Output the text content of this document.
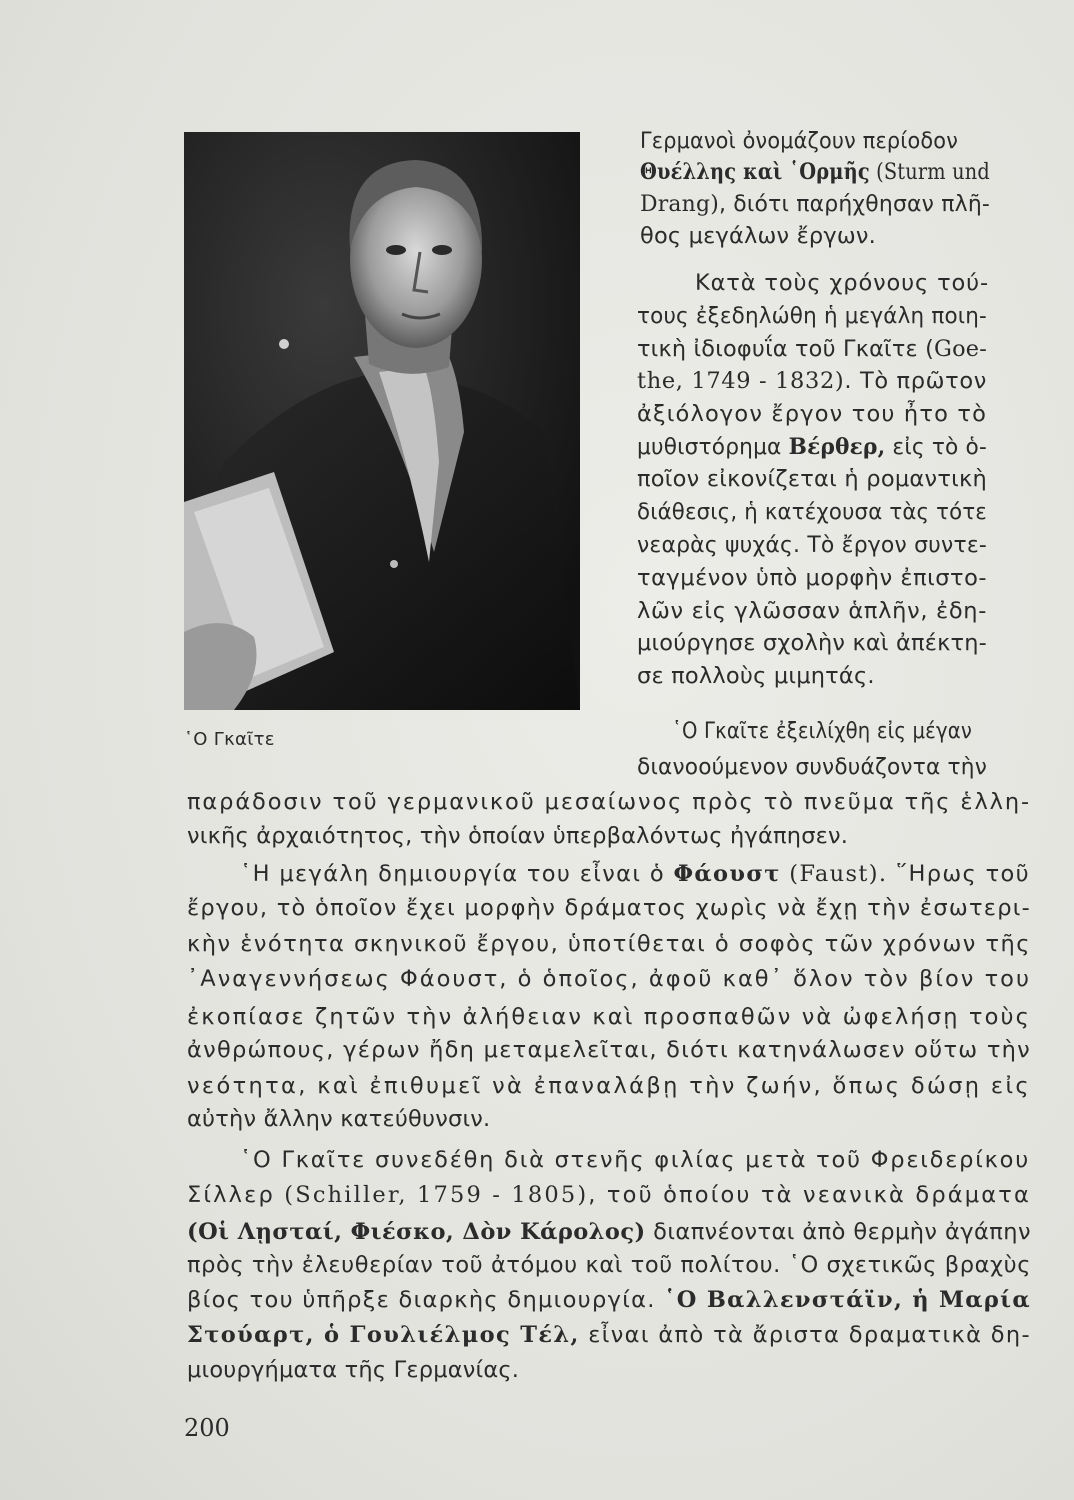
῾Ο Γκαῖτε
Γερμανοὶ ὀνομάζουν περίοδον
Θυέλλης καὶ ῾Ορμῆς (Sturm und
Drang), διότι παρήχθησαν πλῆ-
θος μεγάλων ἔργων.
Κατὰ τοὺς χρόνους τού-
τους ἐξεδηλώθη ἡ μεγάλη ποιη-
τικὴ ἰδιοφυΐα τοῦ Γκαῖτε (Goe-
the, 1749 - 1832). Τὸ πρῶτον
ἀξιόλογον ἔργον του ἦτο τὸ
μυθιστόρημα Βέρθερ, εἰς τὸ ὁ-
ποῖον εἰκονίζεται ἡ ρομαντικὴ
διάθεσις, ἡ κατέχουσα τὰς τότε
νεαρὰς ψυχάς. Τὸ ἔργον συντε-
ταγμένον ὑπὸ μορφὴν ἐπιστο-
λῶν εἰς γλῶσσαν ἁπλῆν, ἐδη-
μιούργησε σχολὴν καὶ ἀπέκτη-
σε πολλοὺς μιμητάς.
῾Ο Γκαῖτε ἐξειλίχθη εἰς μέγαν
διανοούμενον συνδυάζοντα τὴν
παράδοσιν τοῦ γερμανικοῦ μεσαίωνος πρὸς τὸ πνεῦμα τῆς ἑλλη-
νικῆς ἀρχαιότητος, τὴν ὁποίαν ὑπερβαλόντως ἠγάπησεν.
῾Η μεγάλη δημιουργία του εἶναι ὁ Φάουστ (Faust). ῞Ηρως τοῦ
ἔργου, τὸ ὁποῖον ἔχει μορφὴν δράματος χωρὶς νὰ ἔχῃ τὴν ἐσωτερι-
κὴν ἑνότητα σκηνικοῦ ἔργου, ὑποτίθεται ὁ σοφὸς τῶν χρόνων τῆς
᾿Αναγεννήσεως Φάουστ, ὁ ὁποῖος, ἀφοῦ καθ᾿ ὅλον τὸν βίον του
ἐκοπίασε ζητῶν τὴν ἀλήθειαν καὶ προσπαθῶν νὰ ὠφελήσῃ τοὺς
ἀνθρώπους, γέρων ἤδη μεταμελεῖται, διότι κατηνάλωσεν οὕτω τὴν
νεότητα, καὶ ἐπιθυμεῖ νὰ ἐπαναλάβῃ τὴν ζωήν, ὅπως δώσῃ εἰς
αὐτὴν ἄλλην κατεύθυνσιν.
῾Ο Γκαῖτε συνεδέθη διὰ στενῆς φιλίας μετὰ τοῦ Φρειδερίκου
Σίλλερ (Schiller, 1759 - 1805), τοῦ ὁποίου τὰ νεανικὰ δράματα
(Οἱ Λῃσταί, Φιέσκο, Δὸν Κάρολος) διαπνέονται ἀπὸ θερμὴν ἀγάπην
πρὸς τὴν ἐλευθερίαν τοῦ ἀτόμου καὶ τοῦ πολίτου. ῾Ο σχετικῶς βραχὺς
βίος του ὑπῆρξε διαρκὴς δημιουργία. ῾Ο Βαλλενστάϊν, ἡ Μαρία
Στούαρτ, ὁ Γουλιέλμος Τέλ, εἶναι ἀπὸ τὰ ἄριστα δραματικὰ δη-
μιουργήματα τῆς Γερμανίας.
200
